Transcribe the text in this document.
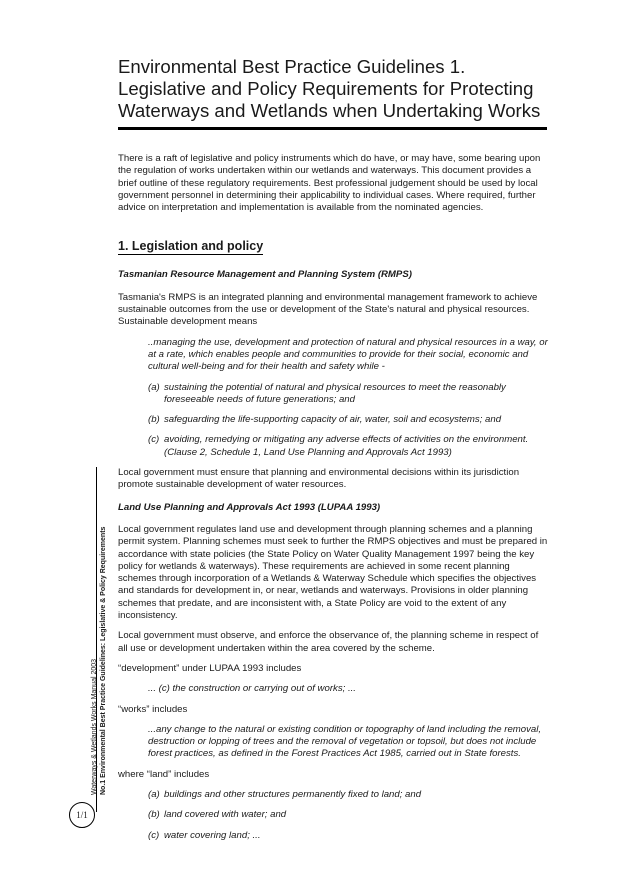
Environmental Best Practice Guidelines 1.
Legislative and Policy Requirements for Protecting
Waterways and Wetlands when Undertaking Works

There is a raft of legislative and policy instruments which do have, or may have, some bearing upon the regulation of works undertaken within our wetlands and waterways. This document provides a brief outline of these regulatory requirements. Best professional judgement should be used by local government personnel in determining their applicability to individual cases. Where required, further advice on interpretation and implementation is available from the nominated agencies.

1. Legislation and policy
Tasmanian Resource Management and Planning System (RMPS)

Tasmania's RMPS is an integrated planning and environmental management framework to achieve sustainable outcomes from the use or development of the State's natural and physical resources. Sustainable development means

..managing the use, development and protection of natural and physical resources in a way, or at a rate, which enables people and communities to provide for their social, economic and cultural well-being and for their health and safety while -

(a) sustaining the potential of natural and physical resources to meet the reasonably foreseeable needs of future generations; and

(b) safeguarding the life-supporting capacity of air, water, soil and ecosystems; and

(c) avoiding, remedying or mitigating any adverse effects of activities on the environment. (Clause 2, Schedule 1, Land Use Planning and Approvals Act 1993)

Local government must ensure that planning and environmental decisions within its jurisdiction promote sustainable development of water resources.

Land Use Planning and Approvals Act 1993 (LUPAA 1993)

Local government regulates land use and development through planning schemes and a planning permit system. Planning schemes must seek to further the RMPS objectives and must be prepared in accordance with state policies (the State Policy on Water Quality Management 1997 being the key policy for wetlands & waterways). These requirements are achieved in some recent planning schemes through incorporation of a Wetlands & Waterway Schedule which specifies the objectives and standards for development in, or near, wetlands and waterways. Provisions in older planning schemes that predate, and are inconsistent with, a State Policy are void to the extent of any inconsistency.

Local government must observe, and enforce the observance of, the planning scheme in respect of all use or development undertaken within the area covered by the scheme.

“development” under LUPAA 1993 includes

... (c) the construction or carrying out of works; ...

“works” includes

...any change to the natural or existing condition or topography of land including the removal, destruction or lopping of trees and the removal of vegetation or topsoil, but does not include forest practices, as defined in the Forest Practices Act 1985, carried out in State forests.

where “land” includes

(a) buildings and other structures permanently fixed to land; and

(b) land covered with water; and

(c) water covering land; ...

Waterways & Wetlands Works Manual 2003 No.1 Environmental Best Practice Guidelines: Legislative & Policy Requirements
1/1
